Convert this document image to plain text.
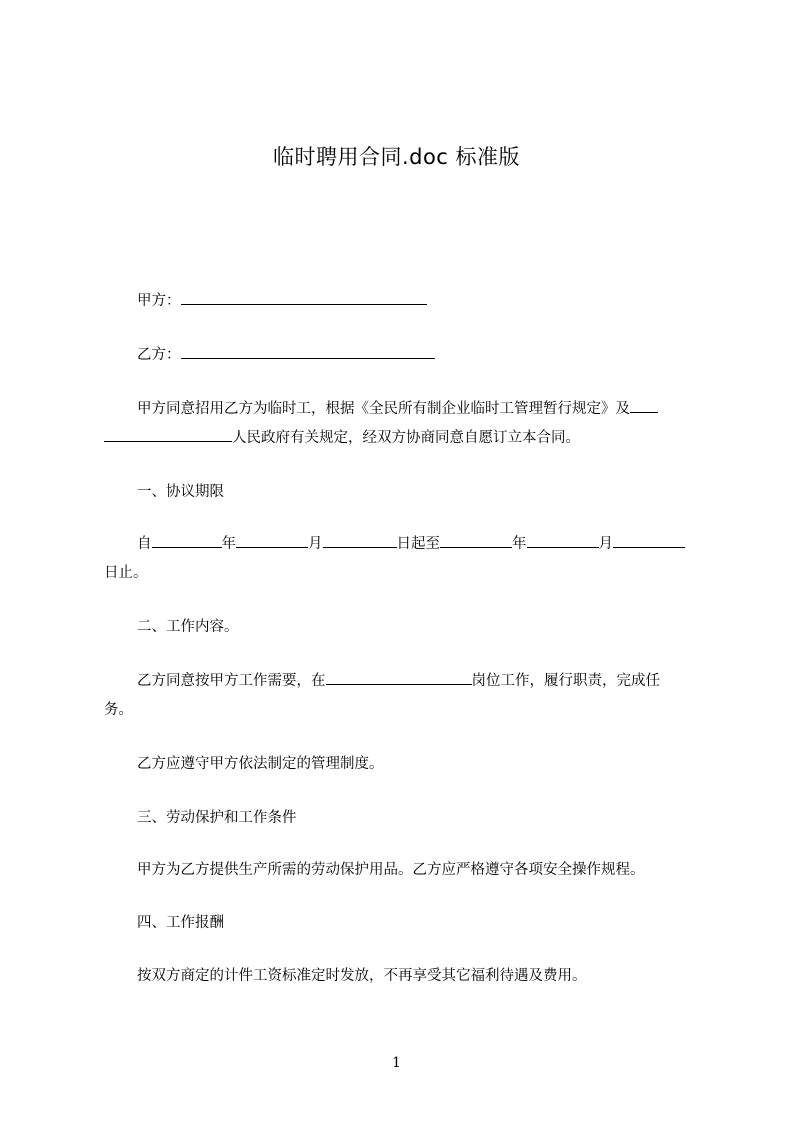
临时聘用合同.doc 标准版
甲方：
乙方：
甲方同意招用乙方为临时工，根据《全民所有制企业临时工管理暂行规定》及
人民政府有关规定，经双方协商同意自愿订立本合同。
一、协议期限
自	年	月	日起至	年	月
日止。
二、工作内容。
乙方同意按甲方工作需要，在	岗位工作，履行职责，完成任
务。
乙方应遵守甲方依法制定的管理制度。
三、劳动保护和工作条件
甲方为乙方提供生产所需的劳动保护用品。乙方应严格遵守各项安全操作规程。
四、工作报酬
按双方商定的计件工资标准定时发放，不再享受其它福利待遇及费用。
1
